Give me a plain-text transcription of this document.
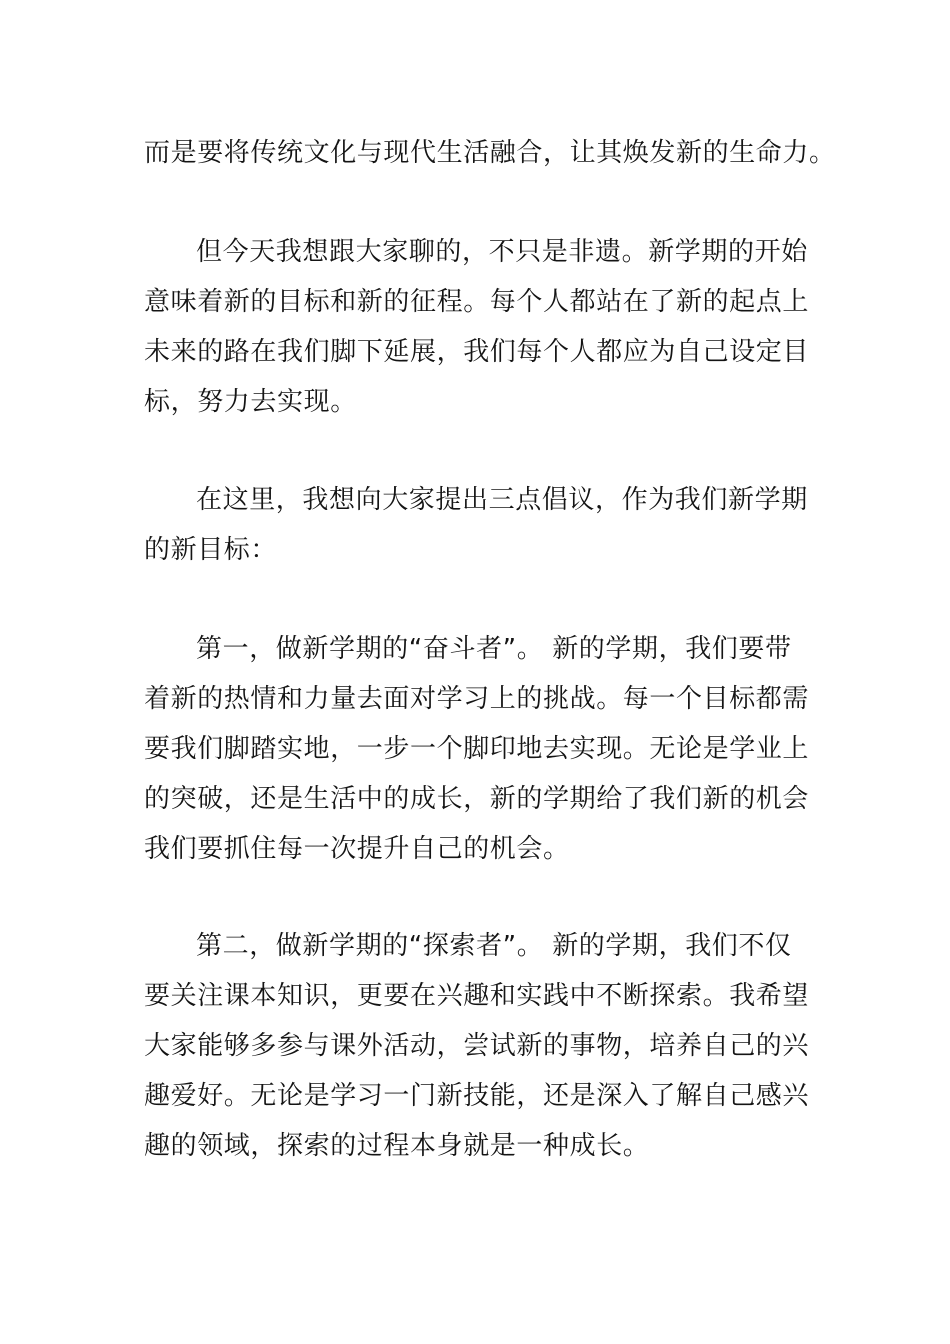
而是要将传统文化与现代生活融合，让其焕发新的生命力。
但今天我想跟大家聊的，不只是非遗。新学期的开始
意味着新的目标和新的征程。每个人都站在了新的起点上
未来的路在我们脚下延展，我们每个人都应为自己设定目
标，努力去实现。
在这里，我想向大家提出三点倡议，作为我们新学期
的新目标：
第一，做新学期的“奋斗者”。 新的学期，我们要带
着新的热情和力量去面对学习上的挑战。每一个目标都需
要我们脚踏实地，一步一个脚印地去实现。无论是学业上
的突破，还是生活中的成长，新的学期给了我们新的机会
我们要抓住每一次提升自己的机会。
第二，做新学期的“探索者”。 新的学期，我们不仅
要关注课本知识，更要在兴趣和实践中不断探索。我希望
大家能够多参与课外活动，尝试新的事物，培养自己的兴
趣爱好。无论是学习一门新技能，还是深入了解自己感兴
趣的领域，探索的过程本身就是一种成长。
